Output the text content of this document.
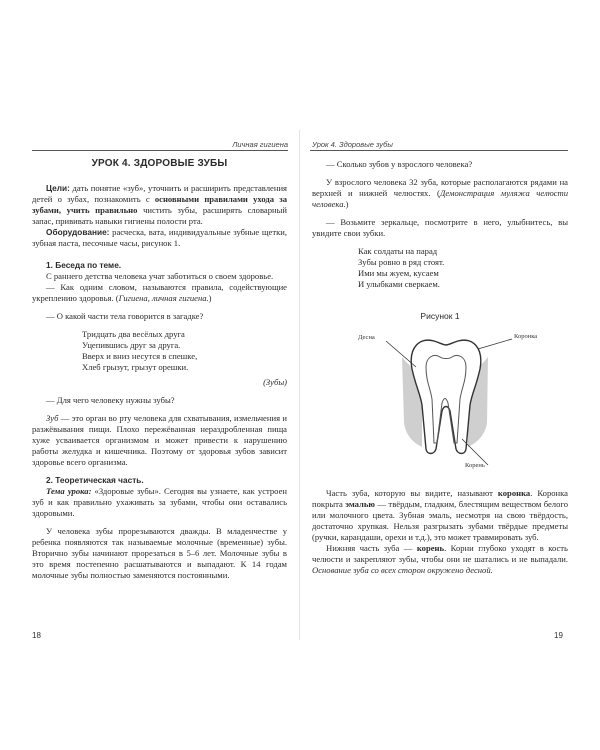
Личная гигиена
УРОК 4. ЗДОРОВЫЕ ЗУБЫ

Цели: дать понятие «зуб», уточнить и расширить представления детей о зубах, познакомить с основными правилами ухода за зубами, учить правильно чистить зубы, расширять словарный запас, прививать навыки гигиены полости рта.

Оборудование: расческа, вата, индивидуальные зубные щетки, зубная паста, песочные часы, рисунок 1.

1. Беседа по теме.

С раннего детства человека учат заботиться о своем здоровье.

— Как одним словом, называются правила, содействующие укреплению здоровья. (Гигиена, личная гигиена.)

— О какой части тела говорится в загадке?

Тридцать два весёлых друга

Уцепившись друг за друга.

Вверх и вниз несутся в спешке,

Хлеб грызут, грызут орешки.

(Зубы)

— Для чего человеку нужны зубы?

Зуб — это орган во рту человека для схватывания, измельчения и разжёвывания пищи. Плохо пережёванная нераздробленная пища хуже усваивается организмом и может привести к нарушению работы желудка и кишечника. Поэтому от здоровья зубов зависит здоровье всего организма.

2. Теоретическая часть.

Тема урока: «Здоровые зубы». Сегодня вы узнаете, как устроен зуб и как правильно ухаживать за зубами, чтобы они оставались здоровыми.

У человека зубы прорезываются дважды. В младенчестве у ребенка появляются так называемые молочные (временные) зубы. Вторично зубы начинают прорезаться в 5–6 лет. Молочные зубы в это время постепенно расшатываются и выпадают. К 14 годам молочные зубы полностью заменяются постоянными.

18
Урок 4. Здоровые зубы

— Сколько зубов у взрослого человека?

У взрослого человека 32 зуба, которые располагаются рядами на верхней и нижней челюстях. (Демонстрация муляжа челюсти человека.)

— Возьмите зеркальце, посмотрите в него, улыбнитесь, вы увидите свои зубки.

Как солдаты на парад

Зубы ровно в ряд стоят.

Ими мы жуем, кусаем

И улыбками сверкаем.

Рисунок 1
Десна	Коронка
Корень

Часть зуба, которую вы видите, называют коронка. Коронка покрыта эмалью — твёрдым, гладким, блестящим веществом белого или молочного цвета. Зубная эмаль, несмотря на свою твёрдость, достаточно хрупкая. Нельзя разгрызать зубами твёрдые предметы (ручки, карандаши, орехи и т.д.), это может травмировать зуб.

Нижняя часть зуба — корень. Корни глубоко уходят в кость челюсти и закрепляют зубы, чтобы они не шатались и не выпадали. Основание зуба со всех сторон окружено десной.

19
